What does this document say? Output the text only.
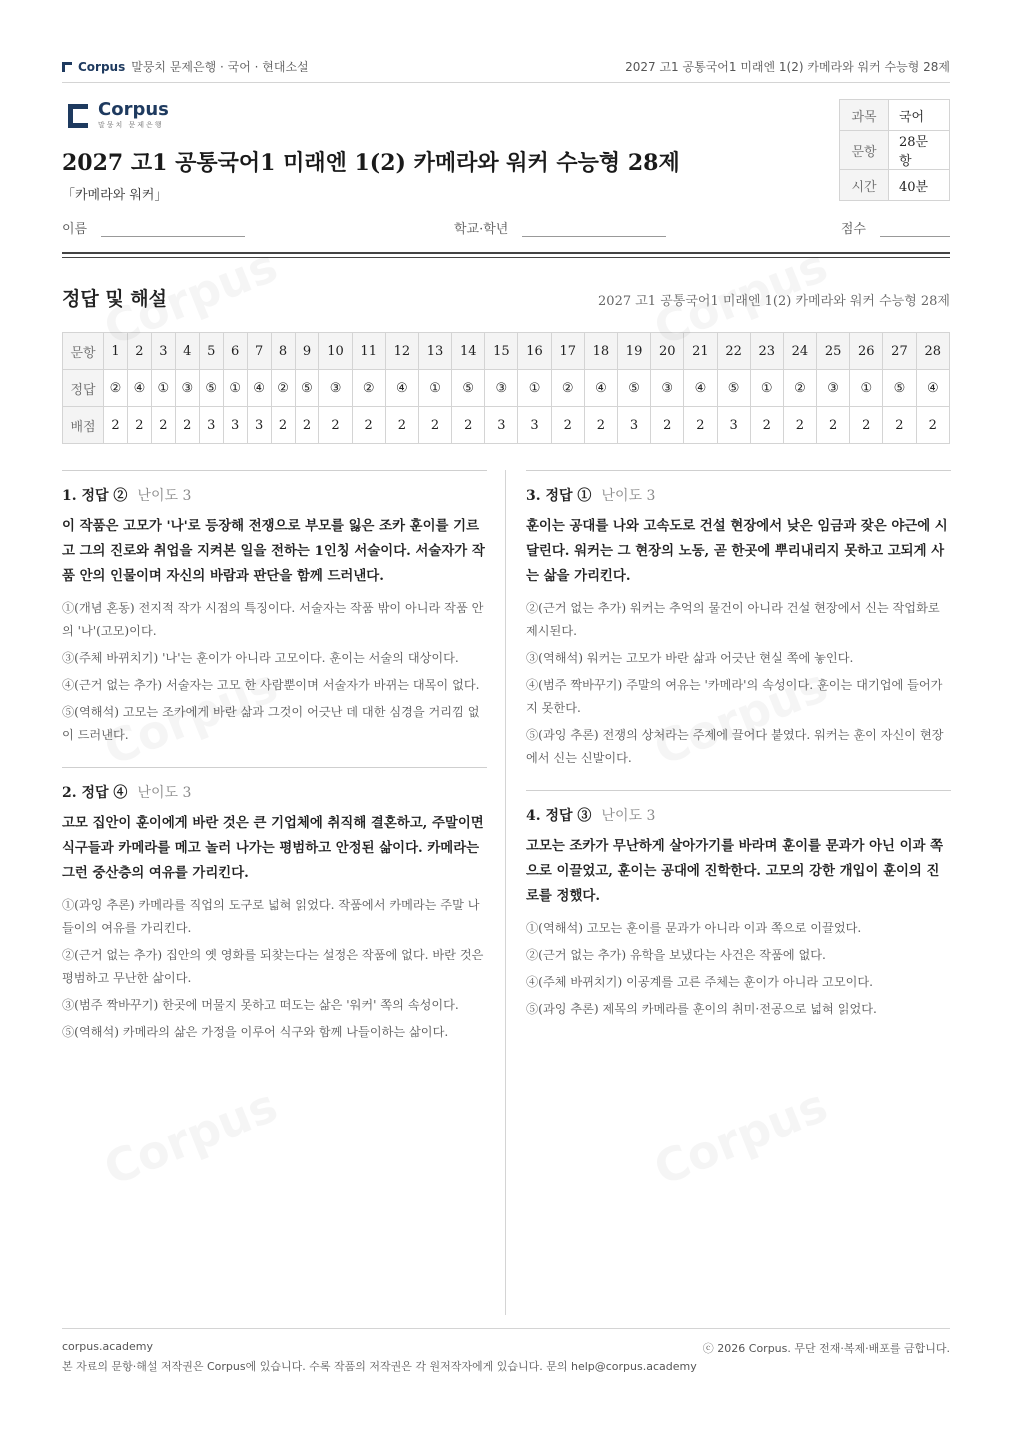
Corpus 말뭉치 문제은행 · 국어 · 현대소설	2027 고1 공통국어1 미래엔 1(2) 카메라와 워커 수능형 28제
Corpus
말뭉치 문제은행
과목	국어
문항	28문항
시간	40분
2027 고1 공통국어1 미래엔 1(2) 카메라와 워커 수능형 28제
「카메라와 워커」
이름	학교·학년	점수
정답 및 해설	2027 고1 공통국어1 미래엔 1(2) 카메라와 워커 수능형 28제
문항	1	2	3	4	5	6	7	8	9	10	11	12	13	14	15	16	17	18	19	20	21	22	23	24	25	26	27	28
정답	②	④	①	③	⑤	①	④	②	⑤	③	②	④	①	⑤	③	①	②	④	⑤	③	④	⑤	①	②	③	①	⑤	④
배점	2	2	2	2	3	3	3	2	2	2	2	2	2	2	3	3	2	2	3	2	2	3	2	2	2	2	2	2
1. 정답 ② 난이도 3
이 작품은 고모가 '나'로 등장해 전쟁으로 부모를 잃은 조카 훈이를 기르고 그의 진로와 취업을 지켜본 일을 전하는 1인칭 서술이다. 서술자가 작품 안의 인물이며 자신의 바람과 판단을 함께 드러낸다.
①(개념 혼동) 전지적 작가 시점의 특징이다. 서술자는 작품 밖이 아니라 작품 안의 '나'(고모)이다.
③(주체 바뀌치기) '나'는 훈이가 아니라 고모이다. 훈이는 서술의 대상이다.
④(근거 없는 추가) 서술자는 고모 한 사람뿐이며 서술자가 바뀌는 대목이 없다.
⑤(역해석) 고모는 조카에게 바란 삶과 그것이 어긋난 데 대한 심경을 거리낌 없이 드러낸다.
2. 정답 ④ 난이도 3
고모 집안이 훈이에게 바란 것은 큰 기업체에 취직해 결혼하고, 주말이면 식구들과 카메라를 메고 놀러 나가는 평범하고 안정된 삶이다. 카메라는 그런 중산층의 여유를 가리킨다.
①(과잉 추론) 카메라를 직업의 도구로 넓혀 읽었다. 작품에서 카메라는 주말 나들이의 여유를 가리킨다.
②(근거 없는 추가) 집안의 옛 영화를 되찾는다는 설정은 작품에 없다. 바란 것은 평범하고 무난한 삶이다.
③(범주 짝바꾸기) 한곳에 머물지 못하고 떠도는 삶은 '워커' 쪽의 속성이다.
⑤(역해석) 카메라의 삶은 가정을 이루어 식구와 함께 나들이하는 삶이다.
3. 정답 ① 난이도 3
훈이는 공대를 나와 고속도로 건설 현장에서 낮은 임금과 잦은 야근에 시달린다. 워커는 그 현장의 노동, 곧 한곳에 뿌리내리지 못하고 고되게 사는 삶을 가리킨다.
②(근거 없는 추가) 워커는 추억의 물건이 아니라 건설 현장에서 신는 작업화로 제시된다.
③(역해석) 워커는 고모가 바란 삶과 어긋난 현실 쪽에 놓인다.
④(범주 짝바꾸기) 주말의 여유는 '카메라'의 속성이다. 훈이는 대기업에 들어가지 못한다.
⑤(과잉 추론) 전쟁의 상처라는 주제에 끌어다 붙였다. 워커는 훈이 자신이 현장에서 신는 신발이다.
4. 정답 ③ 난이도 3
고모는 조카가 무난하게 살아가기를 바라며 훈이를 문과가 아닌 이과 쪽으로 이끌었고, 훈이는 공대에 진학한다. 고모의 강한 개입이 훈이의 진로를 정했다.
①(역해석) 고모는 훈이를 문과가 아니라 이과 쪽으로 이끌었다.
②(근거 없는 추가) 유학을 보냈다는 사건은 작품에 없다.
④(주체 바뀌치기) 이공계를 고른 주체는 훈이가 아니라 고모이다.
⑤(과잉 추론) 제목의 카메라를 훈이의 취미·전공으로 넓혀 읽었다.
corpus.academy	ⓒ 2026 Corpus. 무단 전재·복제·배포를 금합니다.
본 자료의 문항·해설 저작권은 Corpus에 있습니다. 수록 작품의 저작권은 각 원저작자에게 있습니다. 문의 help@corpus.academy
